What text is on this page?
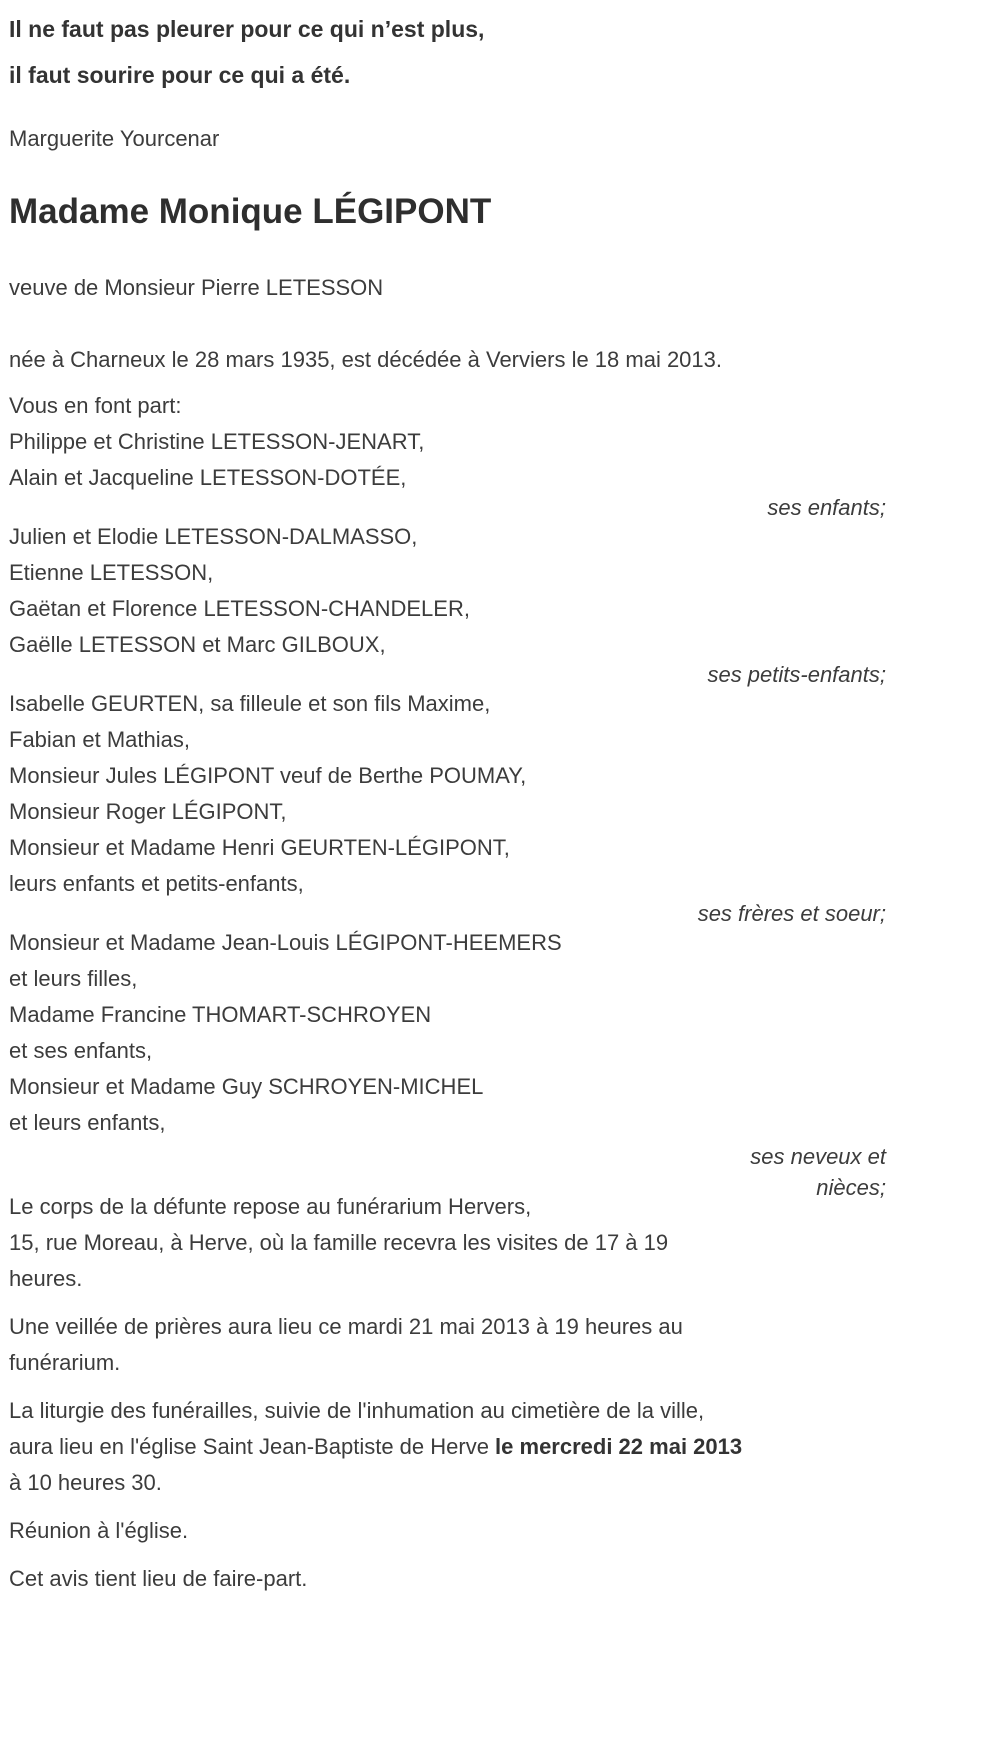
Il ne faut pas pleurer pour ce qui n’est plus,
il faut sourire pour ce qui a été.

Marguerite Yourcenar

Madame Monique LÉGIPONT

veuve de Monsieur Pierre LETESSON

née à Charneux le 28 mars 1935, est décédée à Verviers le 18 mai 2013.

Vous en font part:

Philippe et Christine LETESSON-JENART,
Alain et Jacqueline LETESSON-DOTÉE,
ses enfants;
Julien et Elodie LETESSON-DALMASSO,
Etienne LETESSON,
Gaëtan et Florence LETESSON-CHANDELER,
Gaëlle LETESSON et Marc GILBOUX,
ses petits-enfants;
Isabelle GEURTEN, sa filleule et son fils Maxime,
Fabian et Mathias,
Monsieur Jules LÉGIPONT veuf de Berthe POUMAY,
Monsieur Roger LÉGIPONT,
Monsieur et Madame Henri GEURTEN-LÉGIPONT,
leurs enfants et petits-enfants,
ses frères et soeur;
Monsieur et Madame Jean-Louis LÉGIPONT-HEEMERS
et leurs filles,
Madame Francine THOMART-SCHROYEN
et ses enfants,
Monsieur et Madame Guy SCHROYEN-MICHEL
et leurs enfants,
ses neveux et
nièces;
Le corps de la défunte repose au funérarium Hervers,
15, rue Moreau, à Herve, où la famille recevra les visites de 17 à 19
heures.
Une veillée de prières aura lieu ce mardi 21 mai 2013 à 19 heures au
funérarium.
La liturgie des funérailles, suivie de l'inhumation au cimetière de la ville,
aura lieu en l'église Saint Jean-Baptiste de Herve le mercredi 22 mai 2013
à 10 heures 30.

Réunion à l'église.

Cet avis tient lieu de faire-part.
